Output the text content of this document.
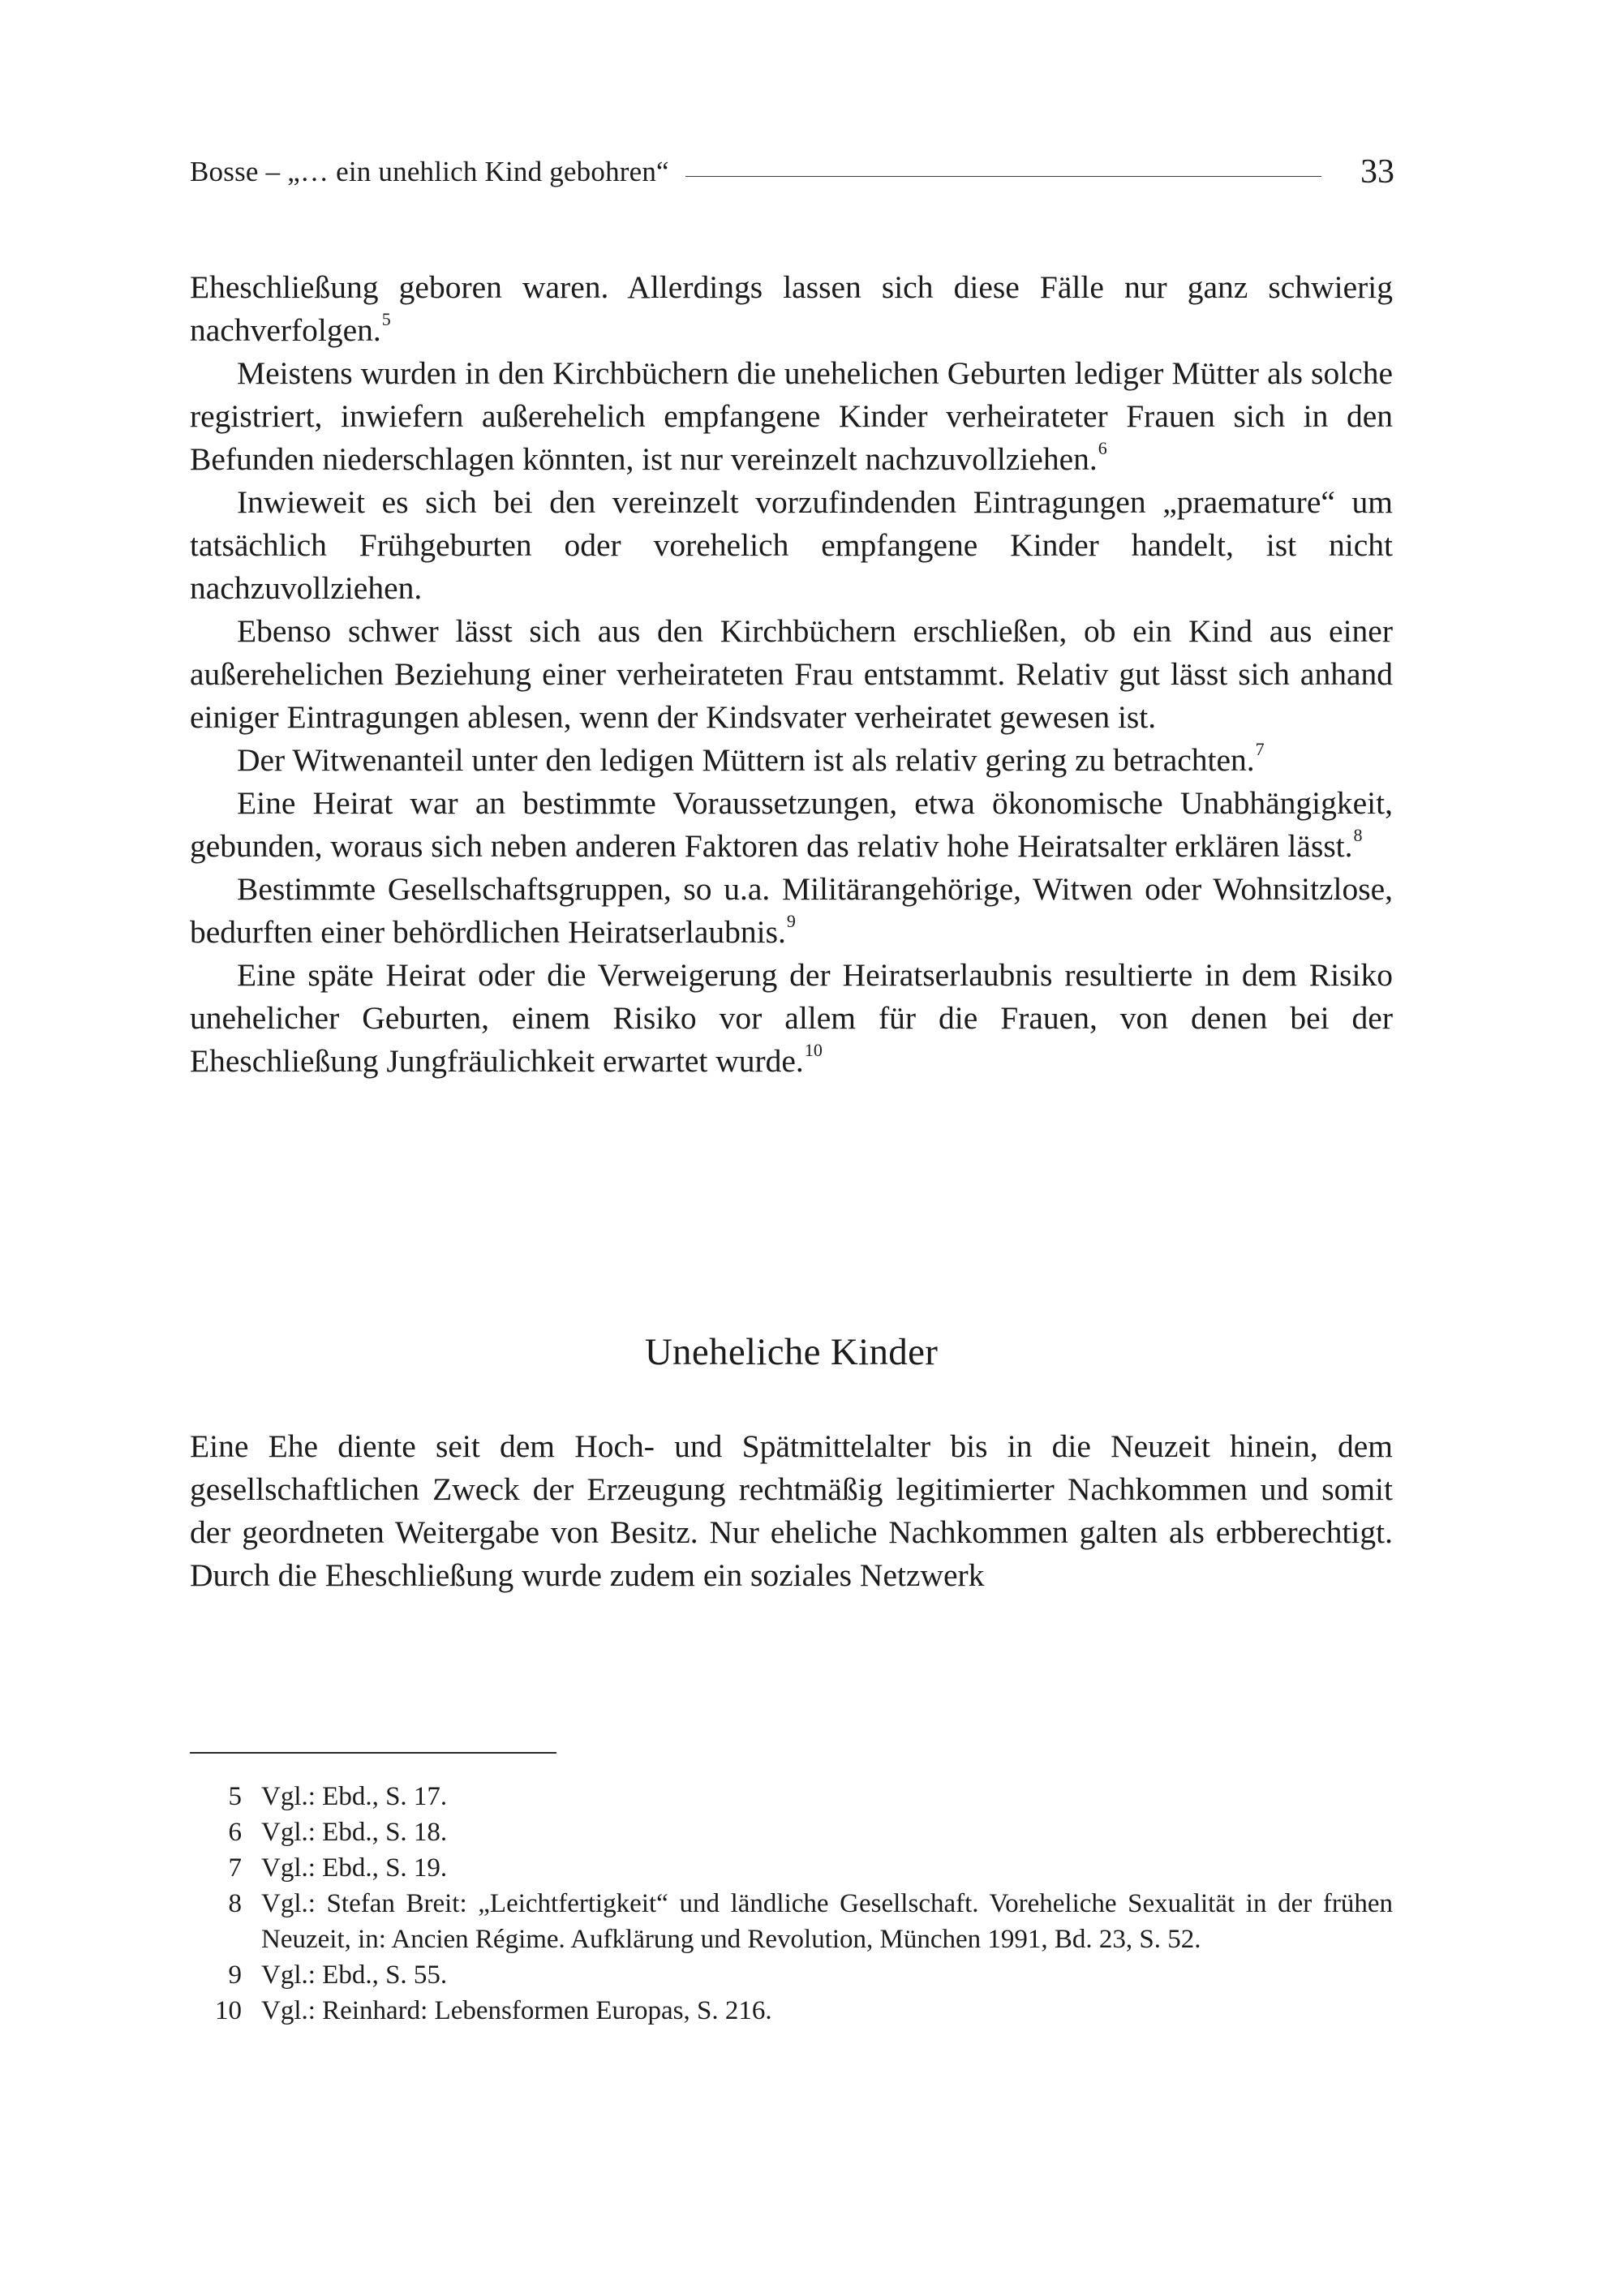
Bosse – „… ein unehlich Kind gebohren“	33

Eheschließung geboren waren. Allerdings lassen sich diese Fälle nur ganz schwierig nachverfolgen.$^5$

Meistens wurden in den Kirchbüchern die unehelichen Geburten lediger Mütter als solche registriert, inwiefern außerehelich empfangene Kinder verheirateter Frauen sich in den Befunden niederschlagen könnten, ist nur vereinzelt nachzuvollziehen.$^6$

Inwieweit es sich bei den vereinzelt vorzufindenden Eintragungen „praemature“ um tatsächlich Frühgeburten oder vorehelich empfangene Kinder handelt, ist nicht nachzuvollziehen.

Ebenso schwer lässt sich aus den Kirchbüchern erschließen, ob ein Kind aus einer außerehelichen Beziehung einer verheirateten Frau entstammt. Relativ gut lässt sich anhand einiger Eintragungen ablesen, wenn der Kindsvater verheiratet gewesen ist.

Der Witwenanteil unter den ledigen Müttern ist als relativ gering zu betrachten.$^7$

Eine Heirat war an bestimmte Voraussetzungen, etwa ökonomische Unabhängigkeit, gebunden, woraus sich neben anderen Faktoren das relativ hohe Heiratsalter erklären lässt.$^8$

Bestimmte Gesellschaftsgruppen, so u.a. Militärangehörige, Witwen oder Wohnsitzlose, bedurften einer behördlichen Heiratserlaubnis.$^9$

Eine späte Heirat oder die Verweigerung der Heiratserlaubnis resultierte in dem Risiko unehelicher Geburten, einem Risiko vor allem für die Frauen, von denen bei der Eheschließung Jungfräulichkeit erwartet wurde.$^{10}$

Uneheliche Kinder

Eine Ehe diente seit dem Hoch- und Spätmittelalter bis in die Neuzeit hinein, dem gesellschaftlichen Zweck der Erzeugung rechtmäßig legitimierter Nachkommen und somit der geordneten Weitergabe von Besitz. Nur eheliche Nachkommen galten als erbberechtigt. Durch die Eheschließung wurde zudem ein soziales Netzwerk

5 Vgl.: Ebd., S. 17.
6 Vgl.: Ebd., S. 18.
7 Vgl.: Ebd., S. 19.
8 Vgl.: Stefan Breit: „Leichtfertigkeit“ und ländliche Gesellschaft. Voreheliche Sexualität in der frühen Neuzeit, in: Ancien Régime. Aufklärung und Revolution, München 1991, Bd. 23, S. 52.
9 Vgl.: Ebd., S. 55.
10 Vgl.: Reinhard: Lebensformen Europas, S. 216.
